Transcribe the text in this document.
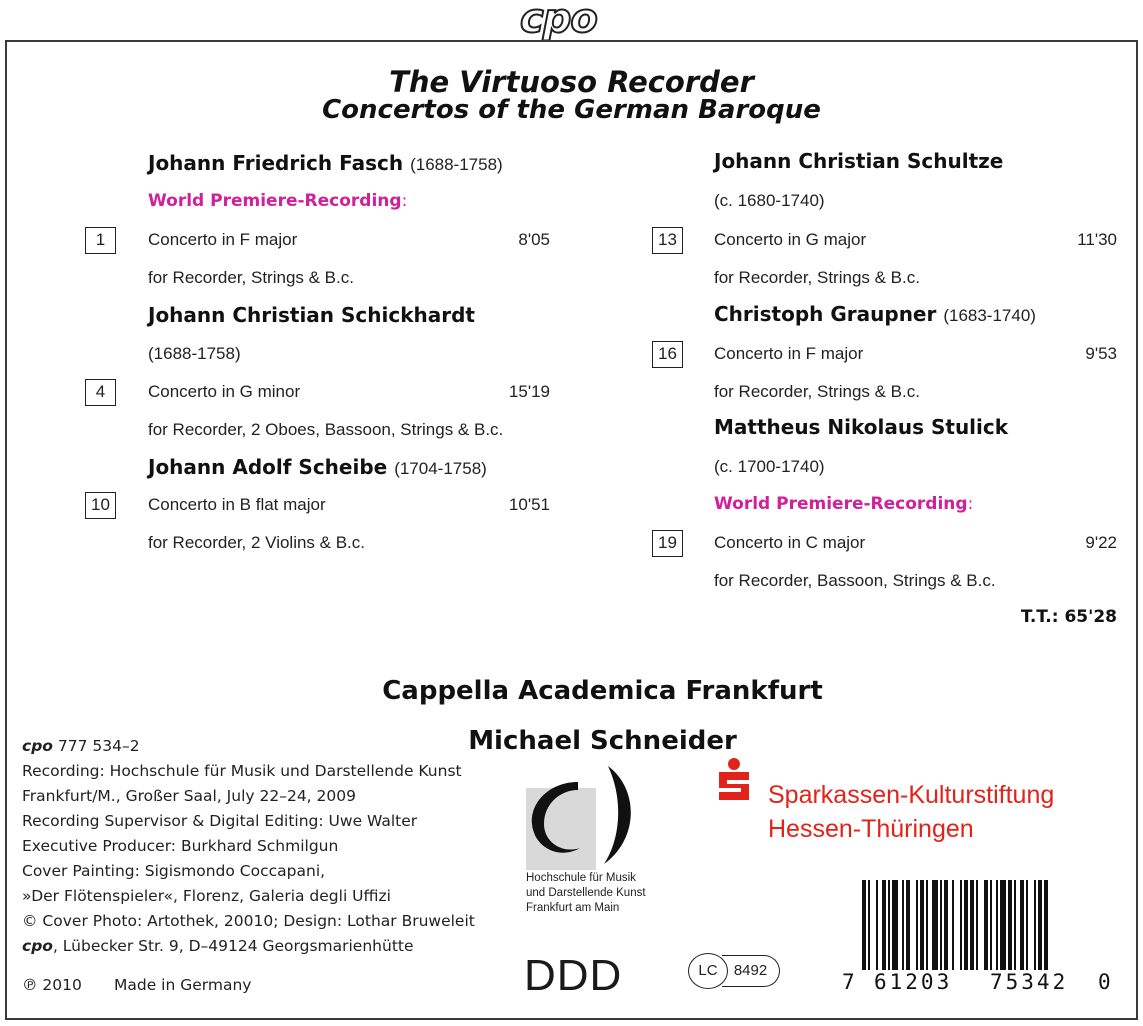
cpo
The Virtuoso Recorder
Concertos of the German Baroque
Johann Friedrich Fasch (1688-1758)
World Premiere-Recording:
1	Concerto in F major	8'05
for Recorder, Strings & B.c.
Johann Christian Schickhardt
(1688-1758)
4	Concerto in G minor	15'19
for Recorder, 2 Oboes, Bassoon, Strings & B.c.
Johann Adolf Scheibe (1704-1758)
10	Concerto in B flat major	10'51
for Recorder, 2 Violins & B.c.
Johann Christian Schultze
(c. 1680-1740)
13	Concerto in G major	11'30
for Recorder, Strings & B.c.
Christoph Graupner (1683-1740)
16	Concerto in F major	9'53
for Recorder, Strings & B.c.
Mattheus Nikolaus Stulick
(c. 1700-1740)
World Premiere-Recording:
19	Concerto in C major	9'22
for Recorder, Bassoon, Strings & B.c.
T.T.: 65'28
Cappella Academica Frankfurt
Michael Schneider
cpo 777 534–2
Recording: Hochschule für Musik und Darstellende Kunst
Frankfurt/M., Großer Saal, July 22–24, 2009
Recording Supervisor & Digital Editing: Uwe Walter
Executive Producer: Burkhard Schmilgun
Cover Painting: Sigismondo Coccapani,
»Der Flötenspieler«, Florenz, Galeria degli Uffizi
© Cover Photo: Artothek, 20010; Design: Lothar Bruweleit
cpo, Lübecker Str. 9, D–49124 Georgsmarienhütte
℗ 2010 Made in Germany
Hochschule für Musik
und Darstellende Kunst
Frankfurt am Main
Sparkassen-Kulturstiftung
Hessen-Thüringen
DDD	LC	8492	7 61203 75342 0
